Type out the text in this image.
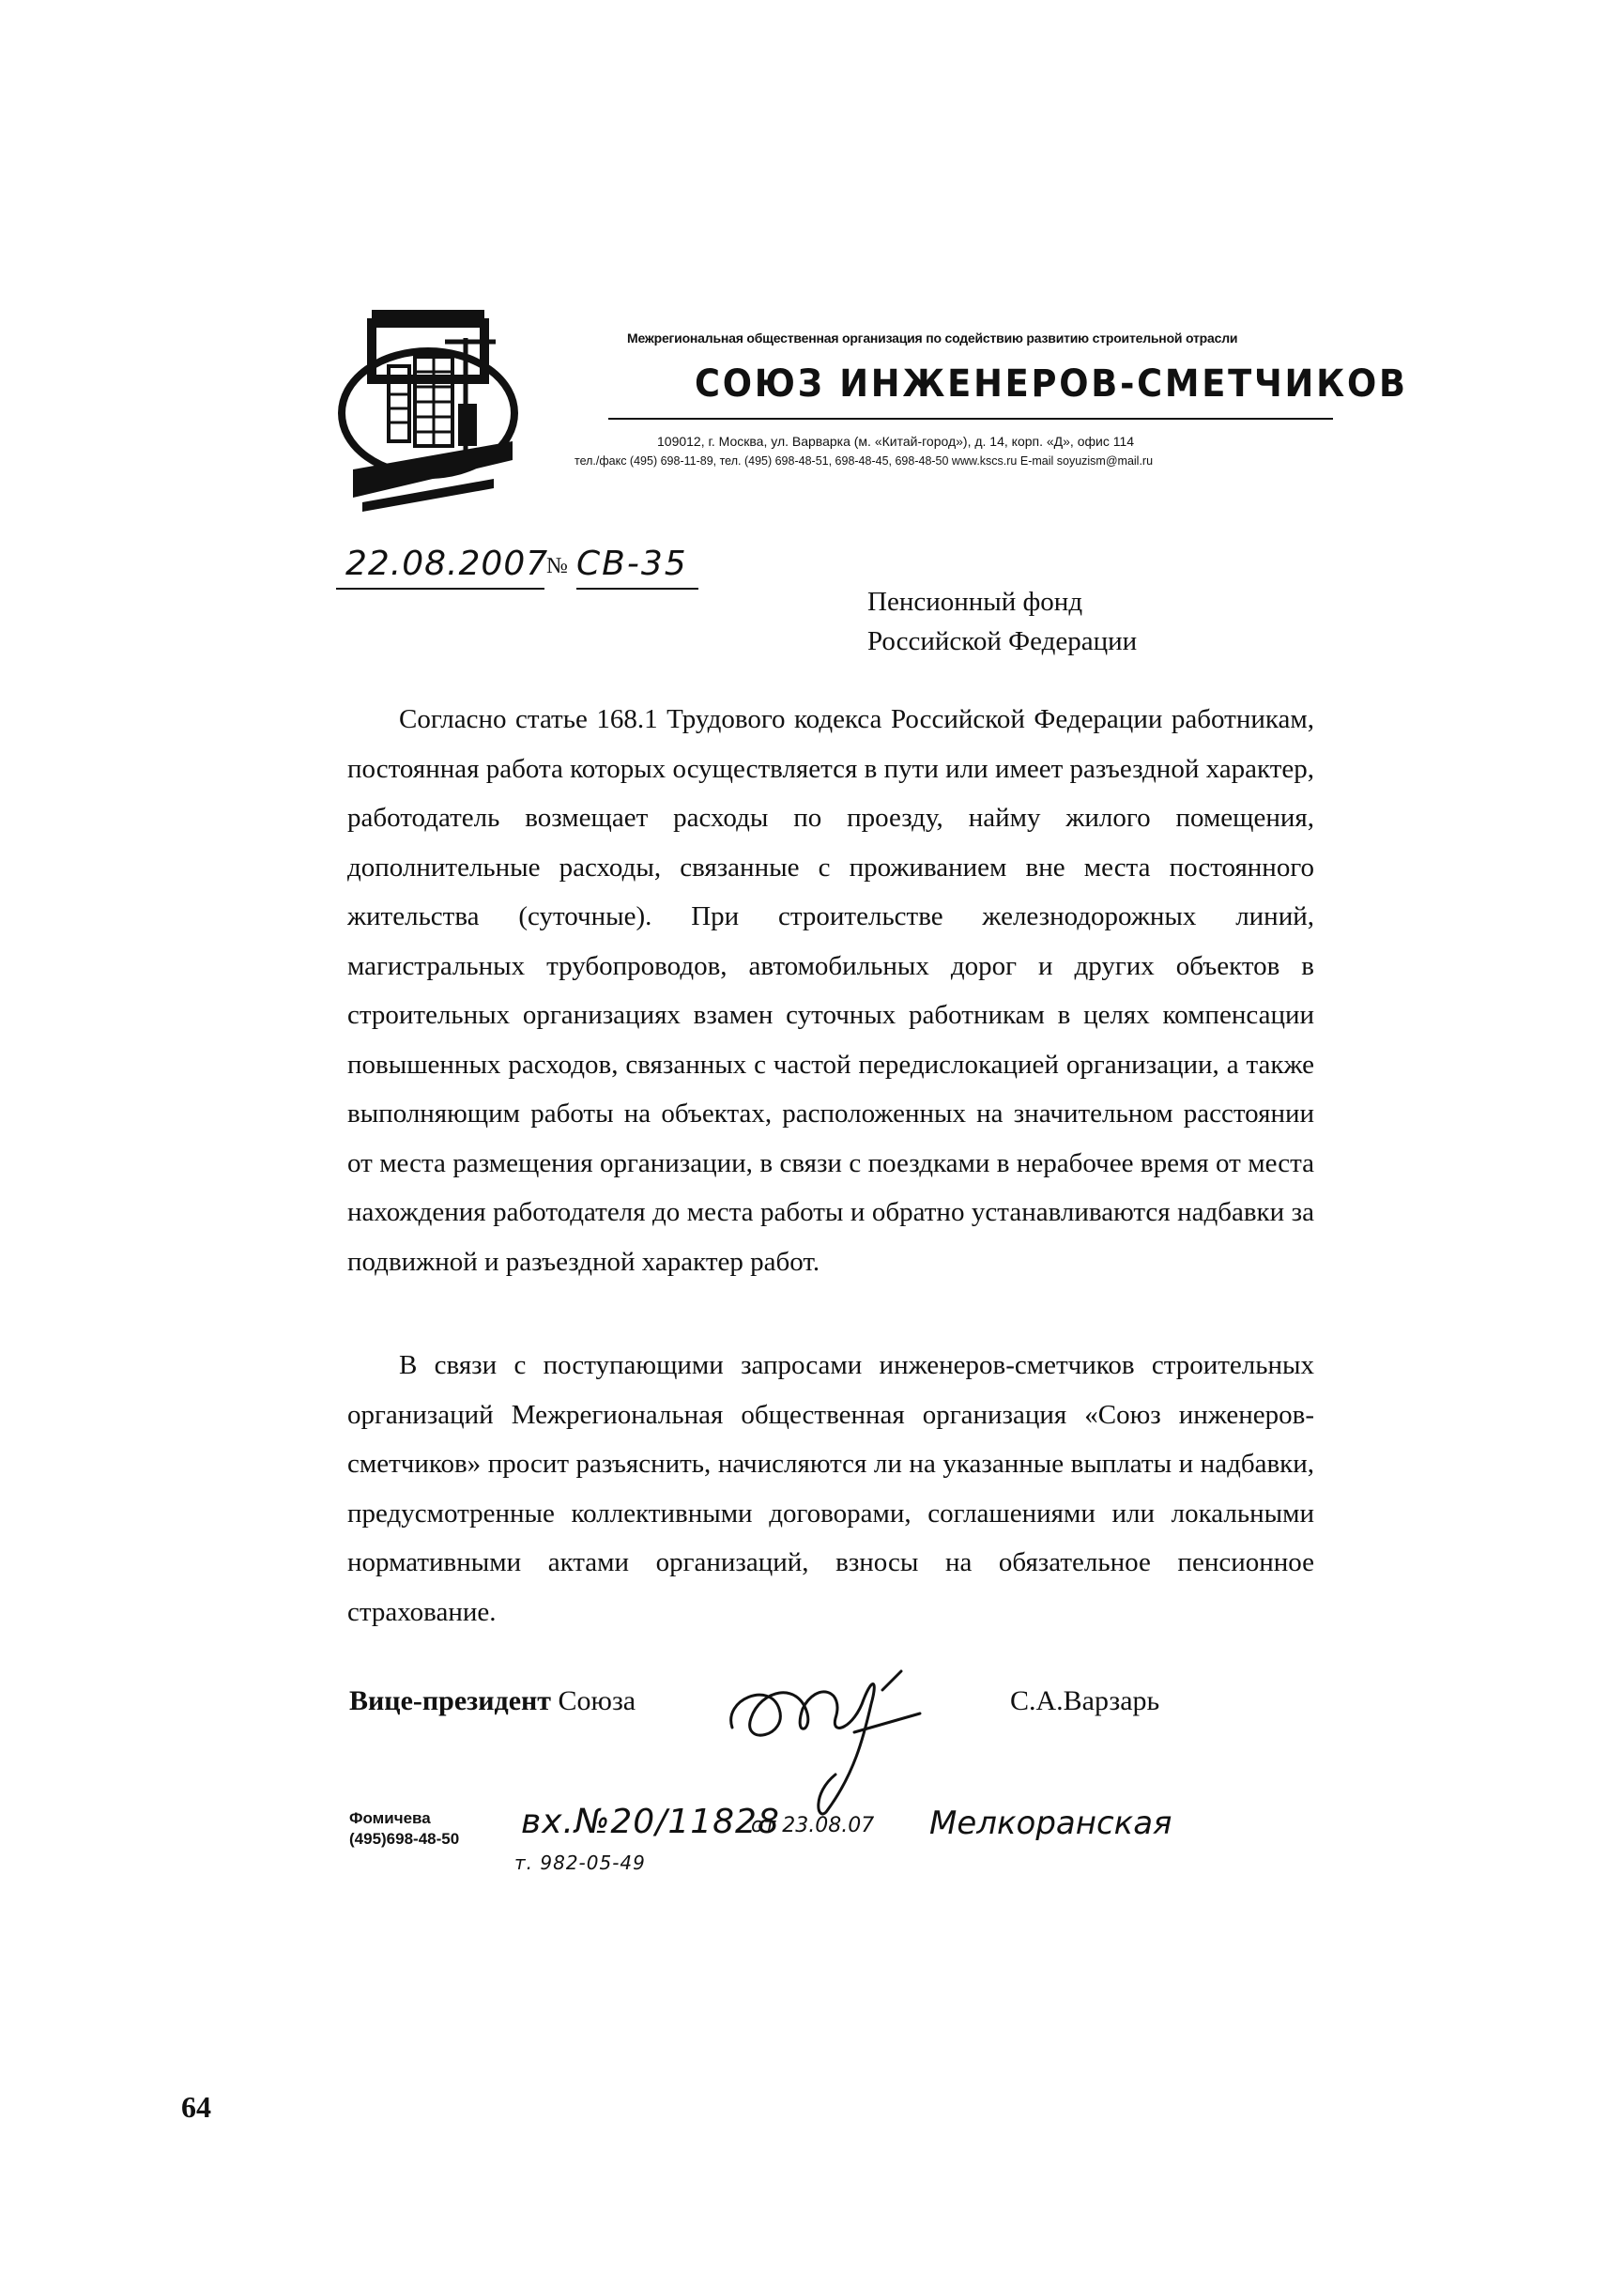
Межрегиональная общественная организация по содействию развитию строительной отрасли
СОЮЗ ИНЖЕНЕРОВ-СМЕТЧИКОВ
109012, г. Москва, ул. Варварка (м. «Китай-город»), д. 14, корп. «Д», офис 114
тел./факс (495) 698-11-89, тел. (495) 698-48-51, 698-48-45, 698-48-50 www.ksсs.ru E-mail soyuzism@mail.ru
22.08.2007
№ СВ-35
Пенсионный фонд
Российской Федерации

Согласно статье 168.1 Трудового кодекса Российской Федерации работникам, постоянная работа которых осуществляется в пути или имеет разъездной характер, работодатель возмещает расходы по проезду, найму жилого помещения, дополнительные расходы, связанные с проживанием вне места постоянного жительства (суточные). При строительстве железнодорожных линий, магистральных трубопроводов, автомобильных дорог и других объектов в строительных организациях взамен суточных работникам в целях компенсации повышенных расходов, связанных с частой передислокацией организации, а также выполняющим работы на объектах, расположенных на значительном расстоянии от места размещения организации, в связи с поездками в нерабочее время от места нахождения работодателя до места работы и обратно устанавливаются надбавки за подвижной и разъездной характер работ.

В связи с поступающими запросами инженеров-сметчиков строительных организаций Межрегиональная общественная организация «Союз инженеров-сметчиков» просит разъяснить, начисляются ли на указанные выплаты и надбавки, предусмотренные коллективными договорами, соглашениями или локальными нормативными актами организаций, взносы на обязательное пенсионное страхование.

Вице-президент Союза	С.А.Варзарь
Фомичева
(495)698-48-50 вх.№20/11828
от 23.08.07 Мелкоранская
т. 982-05-49
64
